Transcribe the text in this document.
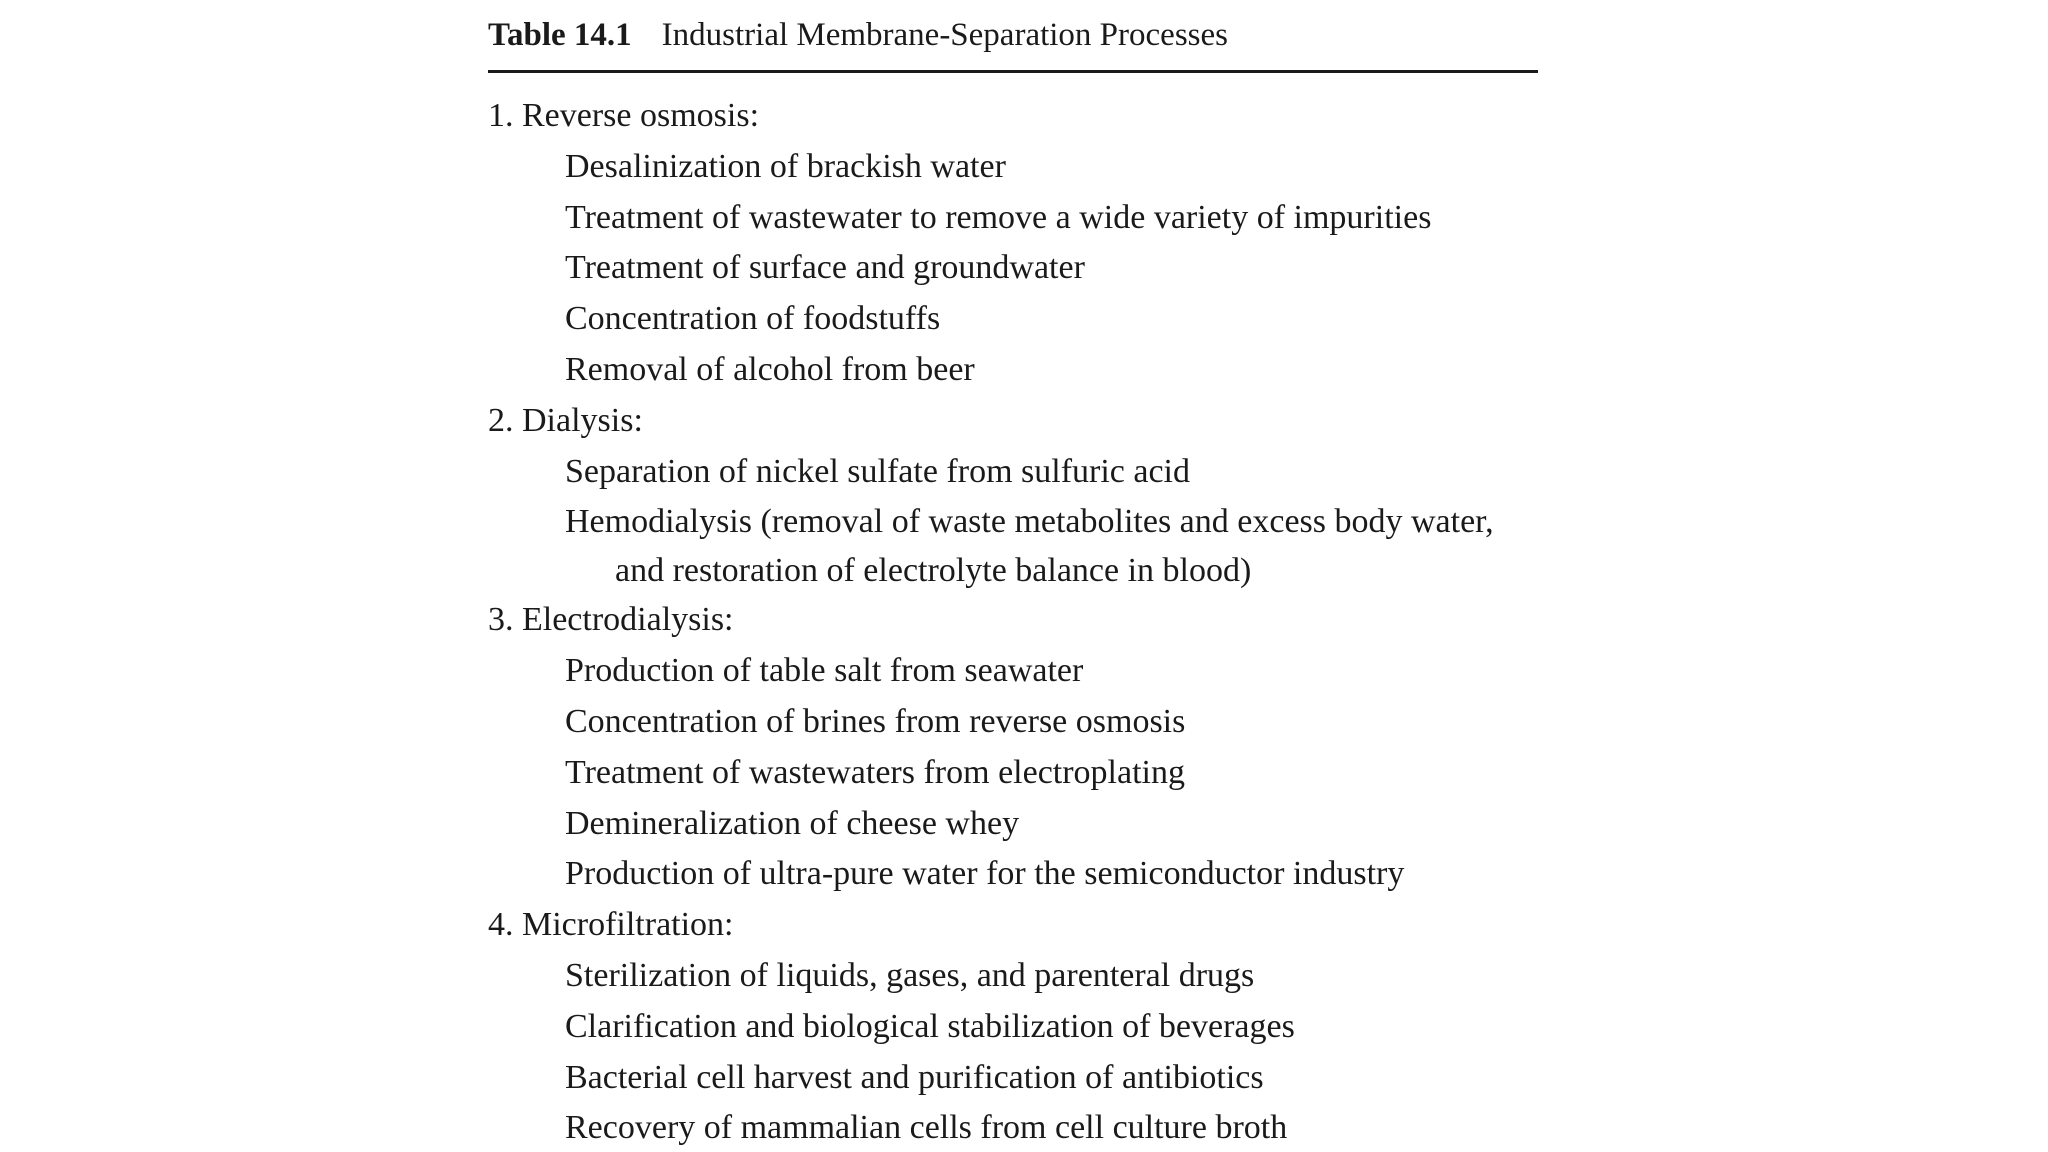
Table 14.1 Industrial Membrane-Separation Processes
1. Reverse osmosis:
Desalinization of brackish water
Treatment of wastewater to remove a wide variety of impurities
Treatment of surface and groundwater
Concentration of foodstuffs
Removal of alcohol from beer
2. Dialysis:
Separation of nickel sulfate from sulfuric acid
Hemodialysis (removal of waste metabolites and excess body water, and restoration of electrolyte balance in blood)
3. Electrodialysis:
Production of table salt from seawater
Concentration of brines from reverse osmosis
Treatment of wastewaters from electroplating
Demineralization of cheese whey
Production of ultra-pure water for the semiconductor industry
4. Microfiltration:
Sterilization of liquids, gases, and parenteral drugs
Clarification and biological stabilization of beverages
Bacterial cell harvest and purification of antibiotics
Recovery of mammalian cells from cell culture broth
